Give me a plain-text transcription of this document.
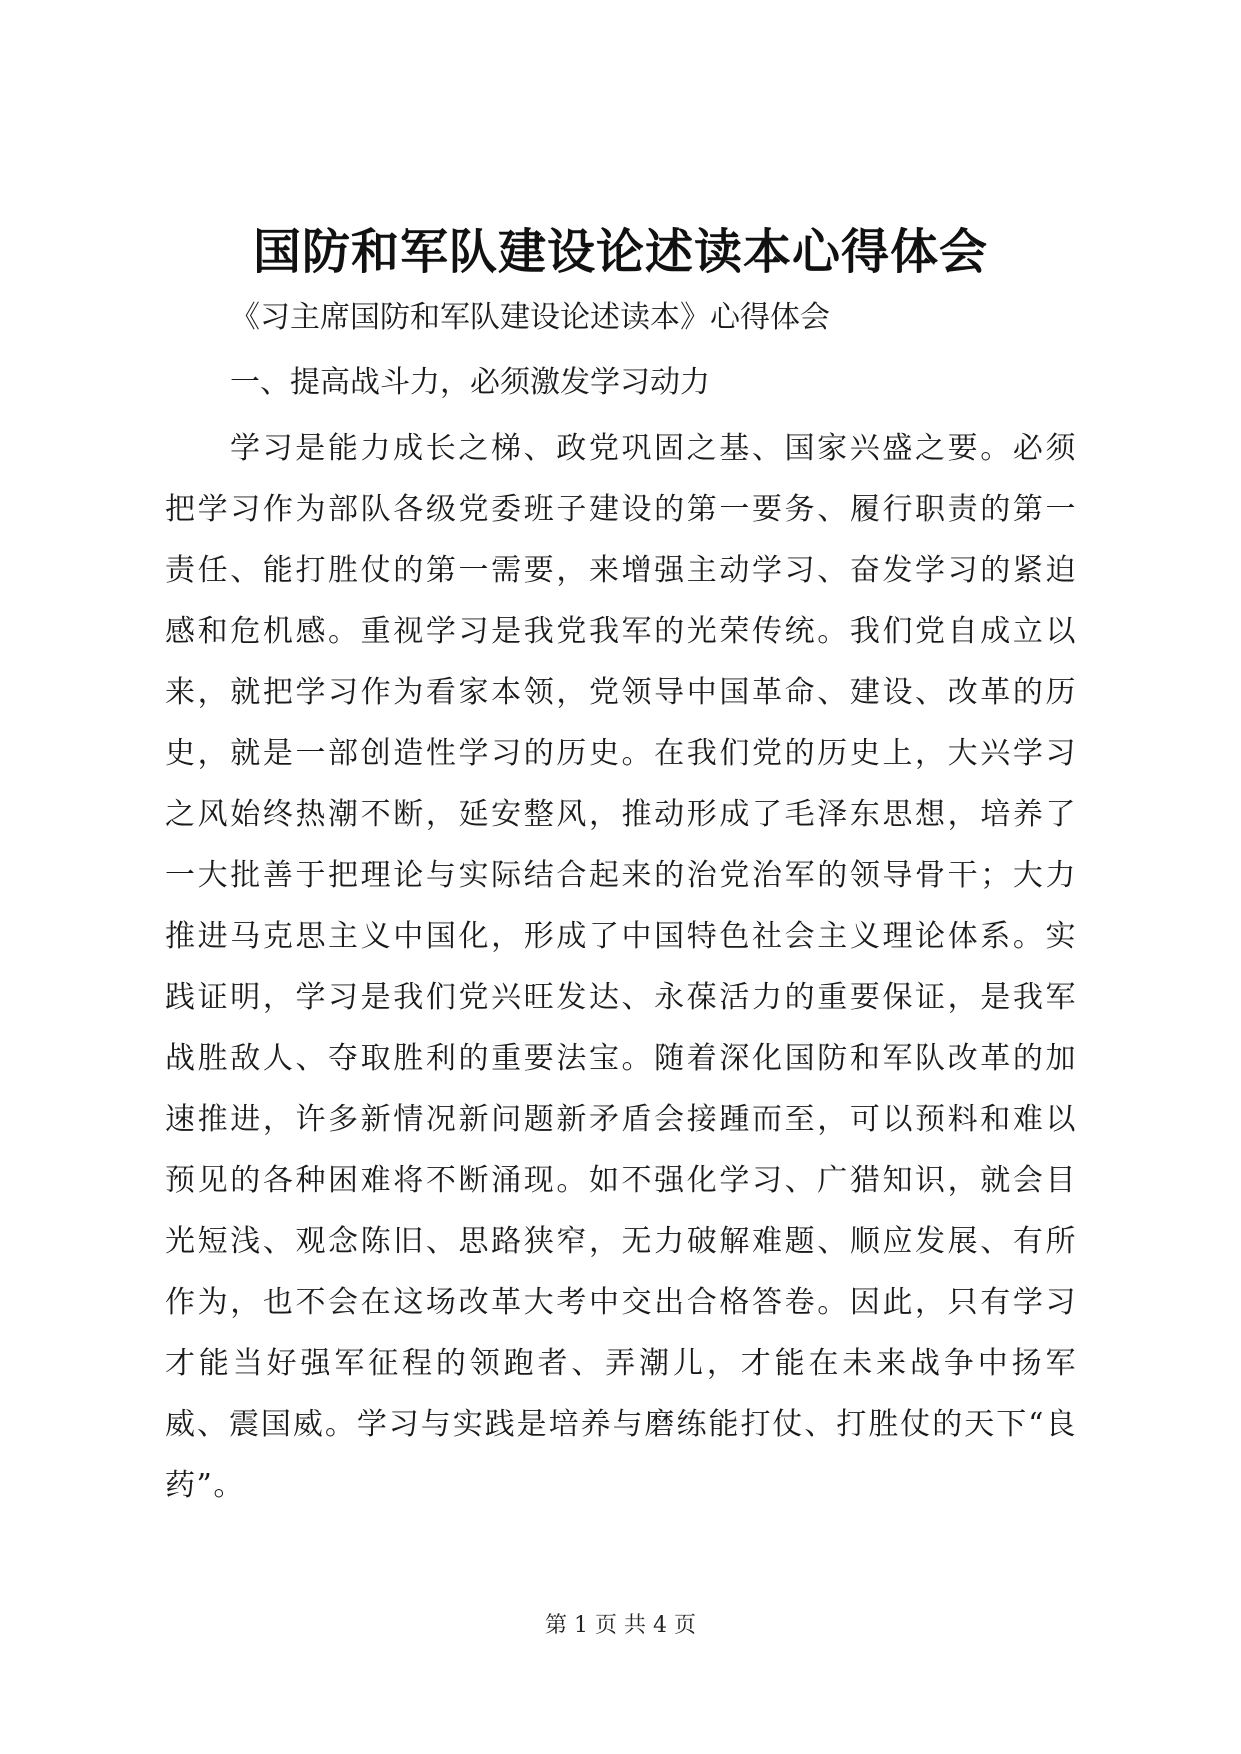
国防和军队建设论述读本心得体会

《习主席国防和军队建设论述读本》心得体会

一、提高战斗力，必须激发学习动力

学习是能力成长之梯、政党巩固之基、国家兴盛之要。必须把学习作为部队各级党委班子建设的第一要务、履行职责的第一责任、能打胜仗的第一需要，来增强主动学习、奋发学习的紧迫感和危机感。重视学习是我党我军的光荣传统。我们党自成立以来，就把学习作为看家本领，党领导中国革命、建设、改革的历史，就是一部创造性学习的历史。在我们党的历史上，大兴学习之风始终热潮不断，延安整风，推动形成了毛泽东思想，培养了一大批善于把理论与实际结合起来的治党治军的领导骨干；大力推进马克思主义中国化，形成了中国特色社会主义理论体系。实践证明，学习是我们党兴旺发达、永葆活力的重要保证，是我军战胜敌人、夺取胜利的重要法宝。随着深化国防和军队改革的加速推进，许多新情况新问题新矛盾会接踵而至，可以预料和难以预见的各种困难将不断涌现。如不强化学习、广猎知识，就会目光短浅、观念陈旧、思路狭窄，无力破解难题、顺应发展、有所作为，也不会在这场改革大考中交出合格答卷。因此，只有学习才能当好强军征程的领跑者、弄潮儿，才能在未来战争中扬军威、震国威。学习与实践是培养与磨练能打仗、打胜仗的天下“良药”。

第 1 页 共 4 页
